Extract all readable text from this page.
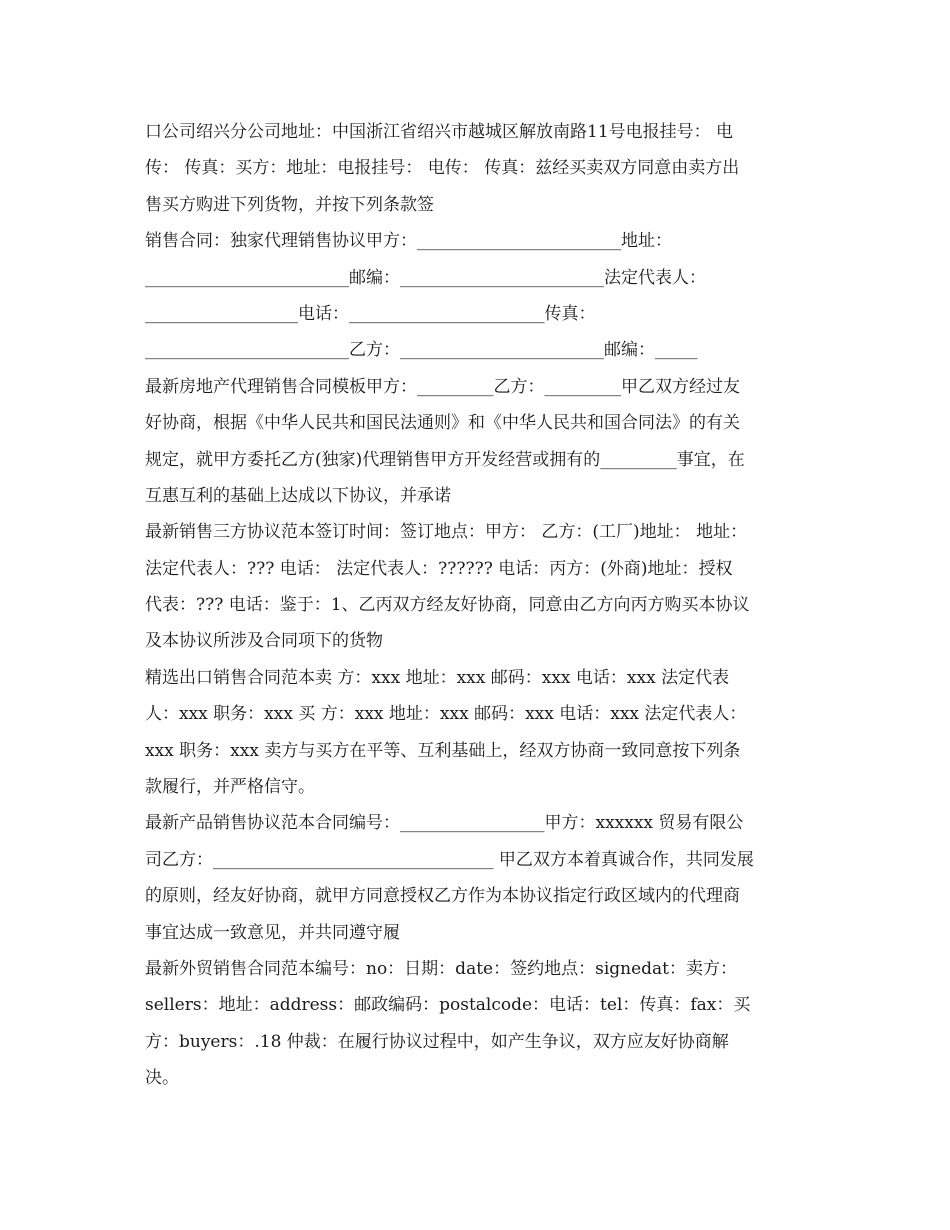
口公司绍兴分公司地址：中国浙江省绍兴市越城区解放南路11号电报挂号： 电
传： 传真：买方：地址：电报挂号： 电传： 传真：兹经买卖双方同意由卖方出
售买方购进下列货物，并按下列条款签
销售合同：独家代理销售协议甲方：________________________地址：
________________________邮编：________________________法定代表人：
__________________电话：_______________________传真：
________________________乙方：________________________邮编：_____
最新房地产代理销售合同模板甲方：_________乙方：_________甲乙双方经过友
好协商，根据《中华人民共和国民法通则》和《中华人民共和国合同法》的有关
规定，就甲方委托乙方(独家)代理销售甲方开发经营或拥有的_________事宜，在
互惠互利的基础上达成以下协议，并承诺
最新销售三方协议范本签订时间：签订地点：甲方： 乙方：(工厂)地址： 地址：
法定代表人：??? 电话： 法定代表人：?????? 电话：丙方：(外商)地址：授权
代表：??? 电话：鉴于：1、乙丙双方经友好协商，同意由乙方向丙方购买本协议
及本协议所涉及合同项下的货物
精选出口销售合同范本卖 方：xxx 地址：xxx 邮码：xxx 电话：xxx 法定代表
人：xxx 职务：xxx 买 方：xxx 地址：xxx 邮码：xxx 电话：xxx 法定代表人：
xxx 职务：xxx 卖方与买方在平等、互利基础上，经双方协商一致同意按下列条
款履行，并严格信守。
最新产品销售协议范本合同编号：_________________甲方：xxxxxx 贸易有限公
司乙方：_________________________________ 甲乙双方本着真诚合作，共同发展
的原则，经友好协商，就甲方同意授权乙方作为本协议指定行政区域内的代理商
事宜达成一致意见，并共同遵守履
最新外贸销售合同范本编号：no：日期：date：签约地点：signedat：卖方：
sellers：地址：address：邮政编码：postalcode：电话：tel：传真：fax：买
方：buyers：.18 仲裁：在履行协议过程中，如产生争议，双方应友好协商解
决。
